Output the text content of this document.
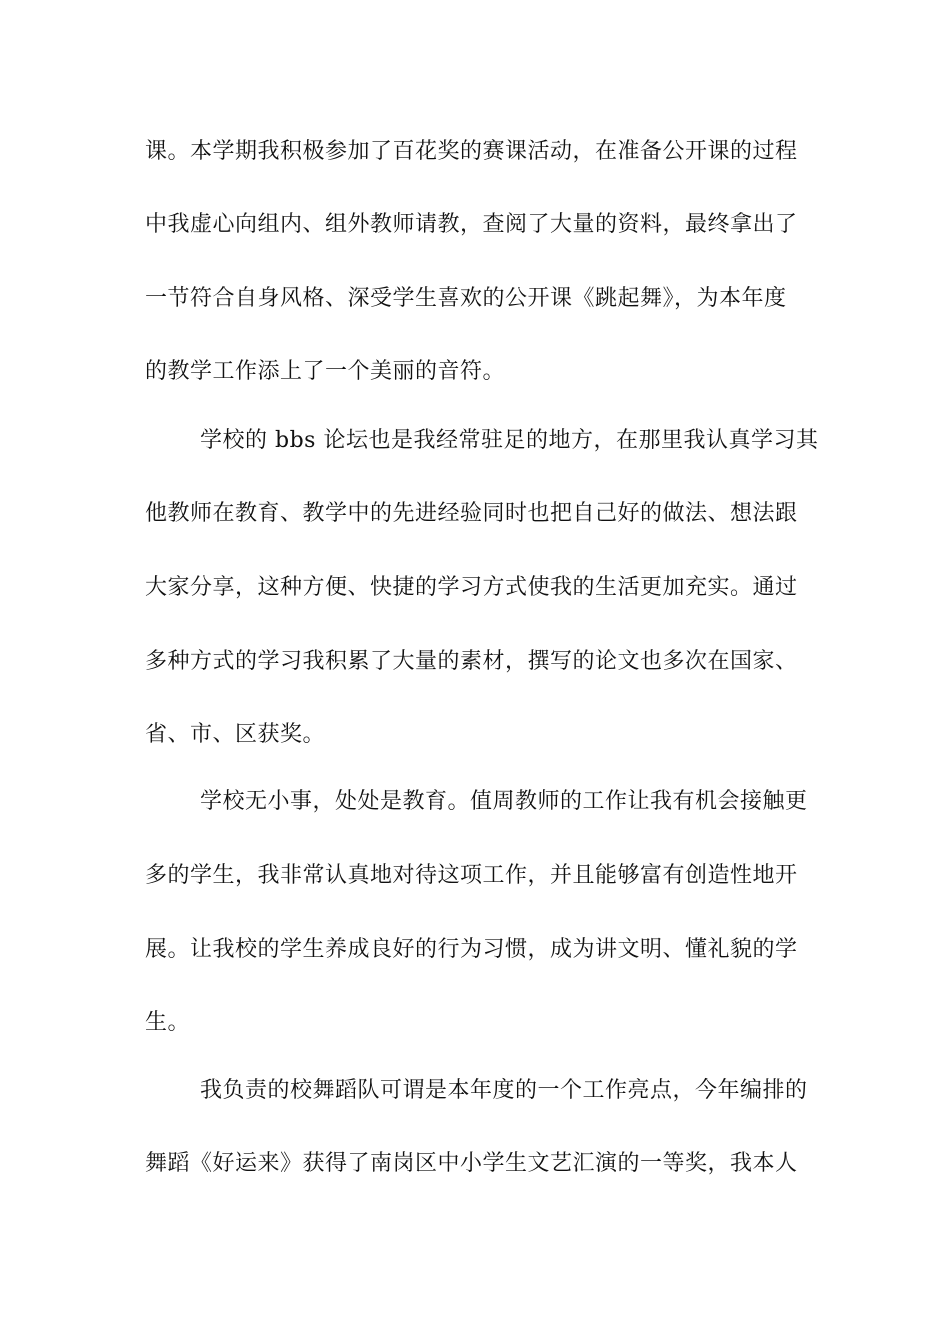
课。本学期我积极参加了百花奖的赛课活动，在准备公开课的过程
中我虚心向组内、组外教师请教，查阅了大量的资料，最终拿出了
一节符合自身风格、深受学生喜欢的公开课《跳起舞》，为本年度
的教学工作添上了一个美丽的音符。
学校的 bbs 论坛也是我经常驻足的地方，在那里我认真学习其
他教师在教育、教学中的先进经验同时也把自己好的做法、想法跟
大家分享，这种方便、快捷的学习方式使我的生活更加充实。通过
多种方式的学习我积累了大量的素材，撰写的论文也多次在国家、
省、市、区获奖。
学校无小事，处处是教育。值周教师的工作让我有机会接触更
多的学生，我非常认真地对待这项工作，并且能够富有创造性地开
展。让我校的学生养成良好的行为习惯，成为讲文明、懂礼貌的学
生。
我负责的校舞蹈队可谓是本年度的一个工作亮点，今年编排的
舞蹈《好运来》获得了南岗区中小学生文艺汇演的一等奖，我本人
